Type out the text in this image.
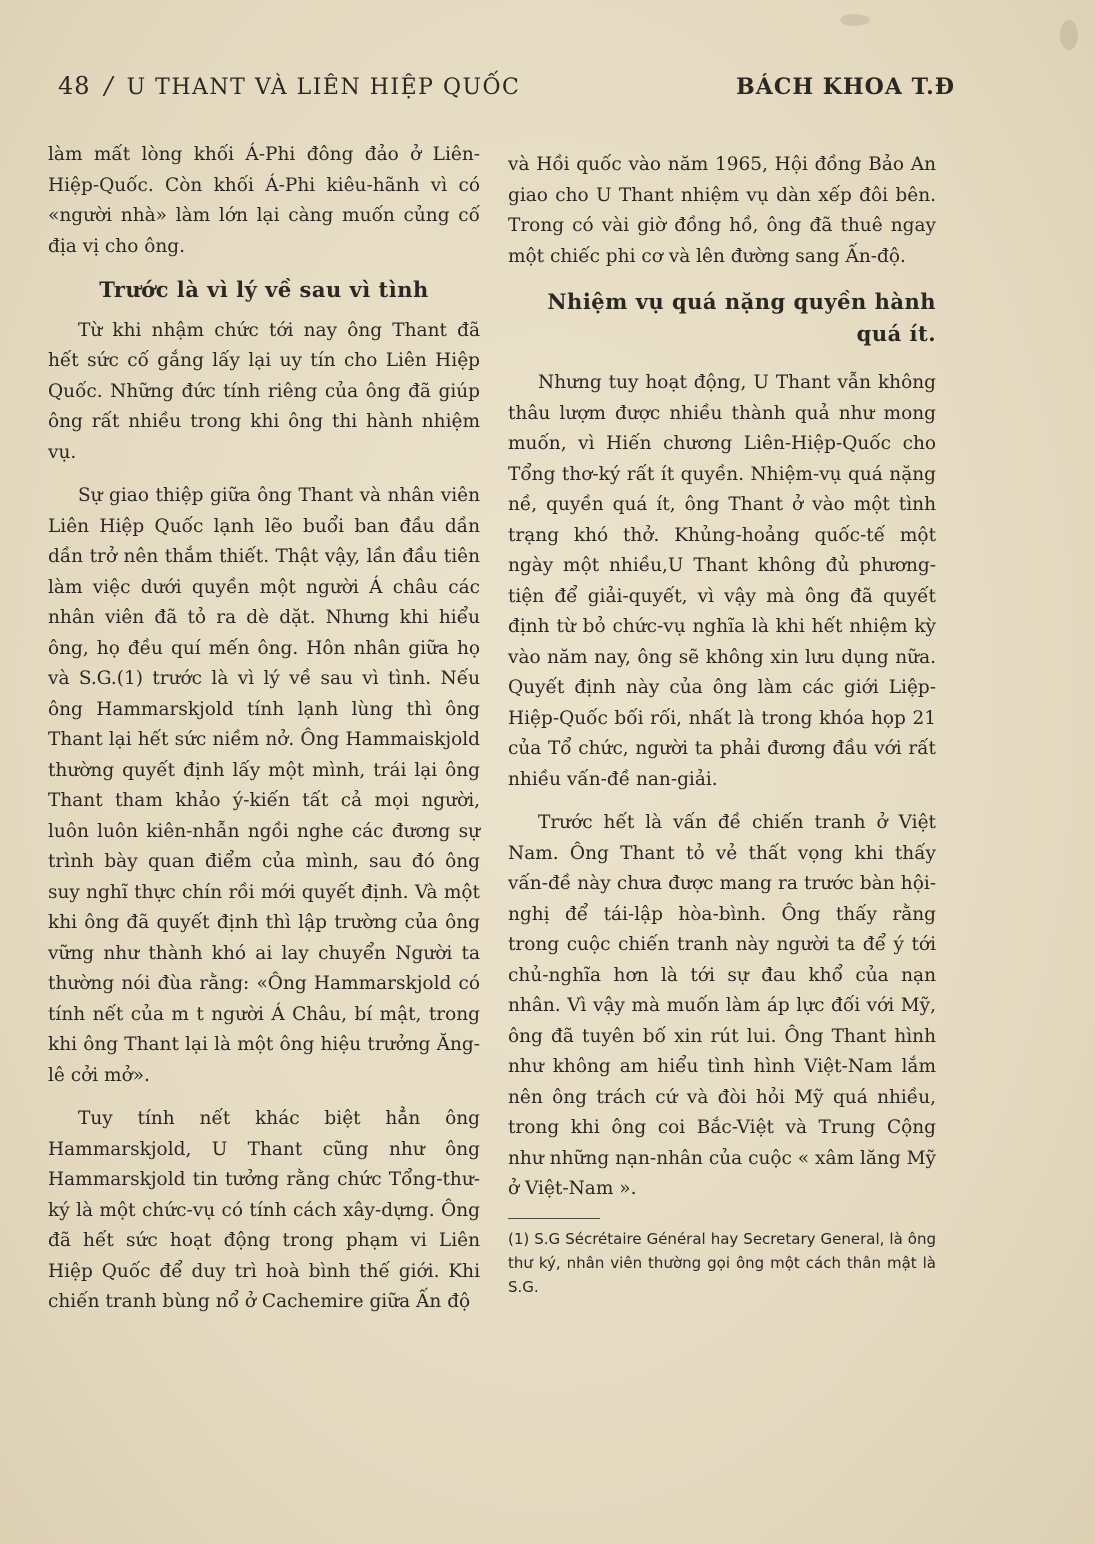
48 / U THANT VÀ LIÊN HIỆP QUỐC	BÁCH KHOA T.Đ

làm mất lòng khối Á-Phi đông đảo ở Liên-Hiệp-Quốc. Còn khối Á-Phi kiêu-hãnh vì có «người nhà» làm lớn lại càng muốn củng cố địa vị cho ông.

Trước là vì lý về sau vì tình

Từ khi nhậm chức tới nay ông Thant đã hết sức cố gắng lấy lại uy tín cho Liên Hiệp Quốc. Những đức tính riêng của ông đã giúp ông rất nhiều trong khi ông thi hành nhiệm vụ.

Sự giao thiệp giữa ông Thant và nhân viên Liên Hiệp Quốc lạnh lẽo buổi ban đầu dần dần trở nên thắm thiết. Thật vậy, lần đầu tiên làm việc dưới quyền một người Á châu các nhân viên đã tỏ ra dè dặt. Nhưng khi hiểu ông, họ đều quí mến ông. Hôn nhân giữa họ và S.G.(1) trước là vì lý về sau vì tình. Nếu ông Hammarskjold tính lạnh lùng thì ông Thant lại hết sức niềm nở. Ông Hammaiskjold thường quyết định lấy một mình, trái lại ông Thant tham khảo ý-kiến tất cả mọi người, luôn luôn kiên-nhẫn ngồi nghe các đương sự trình bày quan điểm của mình, sau đó ông suy nghĩ thực chín rồi mới quyết định. Và một khi ông đã quyết định thì lập trường của ông vững như thành khó ai lay chuyển Người ta thường nói đùa rằng: «Ông Hammarskjold có tính nết của m t người Á Châu, bí mật, trong khi ông Thant lại là một ông hiệu trưởng Ăng-lê cởi mở».

Tuy tính nết khác biệt hẳn ông Hammarskjold, U Thant cũng như ông Hammarskjold tin tưởng rằng chức Tổng-thư-ký là một chức-vụ có tính cách xây-dựng. Ông đã hết sức hoạt động trong phạm vi Liên Hiệp Quốc để duy trì hoà bình thế giới. Khi chiến tranh bùng nổ ở Cachemire giữa Ấn độ

và Hồi quốc vào năm 1965, Hội đồng Bảo An giao cho U Thant nhiệm vụ dàn xếp đôi bên. Trong có vài giờ đồng hồ, ông đã thuê ngay một chiếc phi cơ và lên đường sang Ấn-độ.

Nhiệm vụ quá nặng quyền hành quá ít.

Nhưng tuy hoạt động, U Thant vẫn không thâu lượm được nhiều thành quả như mong muốn, vì Hiến chương Liên-Hiệp-Quốc cho Tổng thơ-ký rất ít quyền. Nhiệm-vụ quá nặng nề, quyền quá ít, ông Thant ở vào một tình trạng khó thở. Khủng-hoảng quốc-tế một ngày một nhiều,U Thant không đủ phương-tiện để giải-quyết, vì vậy mà ông đã quyết định từ bỏ chức-vụ nghĩa là khi hết nhiệm kỳ vào năm nay, ông sẽ không xin lưu dụng nữa. Quyết định này của ông làm các giới Liệp-Hiệp-Quốc bối rối, nhất là trong khóa họp 21 của Tổ chức, người ta phải đương đầu với rất nhiều vấn-đề nan-giải.

Trước hết là vấn đề chiến tranh ở Việt Nam. Ông Thant tỏ vẻ thất vọng khi thấy vấn-đề này chưa được mang ra trước bàn hội-nghị để tái-lập hòa-bình. Ông thấy rằng trong cuộc chiến tranh này người ta để ý tới chủ-nghĩa hơn là tới sự đau khổ của nạn nhân. Vì vậy mà muốn làm áp lực đối với Mỹ, ông đã tuyên bố xin rút lui. Ông Thant hình như không am hiểu tình hình Việt-Nam lắm nên ông trách cứ và đòi hỏi Mỹ quá nhiều, trong khi ông coi Bắc-Việt và Trung Cộng như những nạn-nhân của cuộc « xâm lăng Mỹ ở Việt-Nam ».

(1) S.G Sécrétaire Général hay Secretary General, là ông thư ký, nhân viên thường gọi ông một cách thân mật là S.G.
